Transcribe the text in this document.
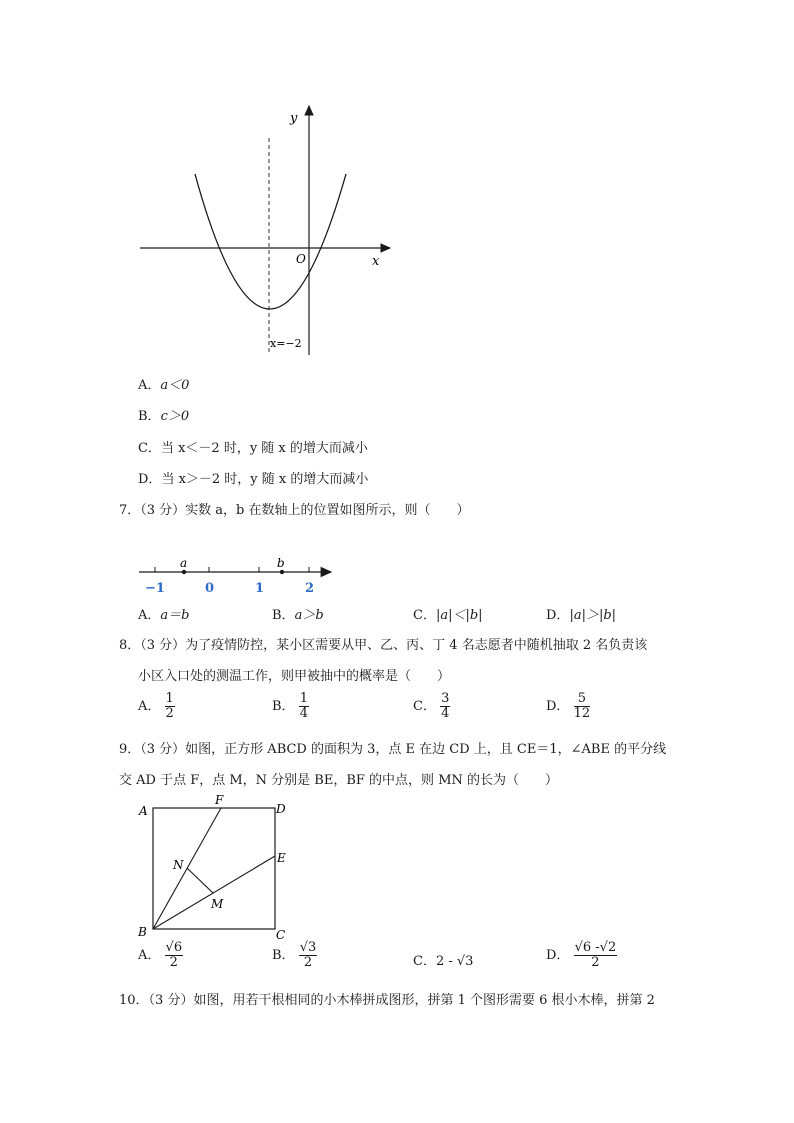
y
x
O
x=−2
A．a＜0
B．c＞0
C．当 x＜－2 时，y 随 x 的增大而减小
D．当 x＞－2 时，y 随 x 的增大而减小
7．（3 分）实数 a，b 在数轴上的位置如图所示，则（　　）
a	b
−1	0	1	2
A．a＝b	B．a＞b	C．|a|＜|b|	D．|a|＞|b|
8．（3 分）为了疫情防控，某小区需要从甲、乙、丙、丁 4 名志愿者中随机抽取 2 名负责该
小区入口处的测温工作，则甲被抽中的概率是（　　）
A． $\frac{1}{2}$	B． $\frac{1}{4}$	C． $\frac{3}{4}$	D． $\frac{5}{12}$
9．（3 分）如图，正方形 ABCD 的面积为 3，点 E 在边 CD 上，且 CE＝1，∠ABE 的平分线
交 AD 于点 F，点 M，N 分别是 BE，BF 的中点，则 MN 的长为（　　）
A
B	C
D
E
F
M
N
A． $\frac{√6}{2}$	B． $\frac{√3}{2}$	C．2 - √3	D． $\frac{√6 -√2}{2}$
10．（3 分）如图，用若干根相同的小木棒拼成图形，拼第 1 个图形需要 6 根小木棒，拼第 2
